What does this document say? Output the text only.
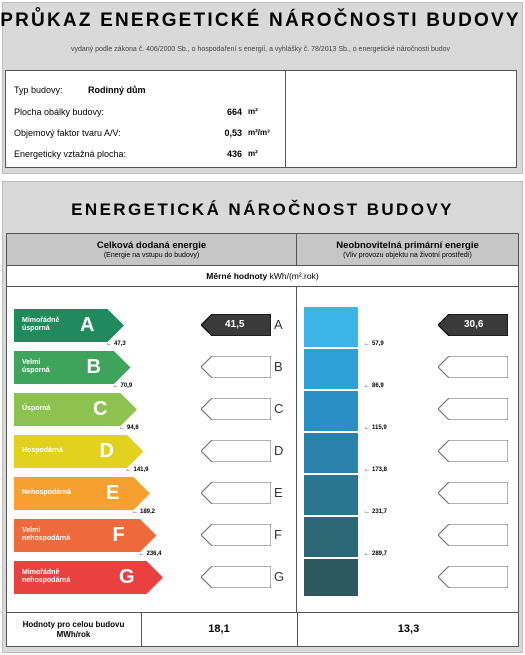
PRŮKAZ ENERGETICKÉ NÁROČNOSTI BUDOVY
vydaný podle zákona č. 406/2000 Sb., o hospodaření s energií, a vyhlášky č. 78/2013 Sb., o energetické náročnosti budov
Typ budovy:	Rodinný dům
Plocha obálky budovy:	664 m²
Objemový faktor tvaru A/V:	0,53 m²/m³
Energeticky vztažná plocha:	436 m²
ENERGETICKÁ NÁROČNOST BUDOVY
Celková dodaná energie
(Energie na vstupu do budovy)
Neobnovitelná primární energie
(Vliv provozu objektu na životní prostředí)
Měrné hodnoty kWh/(m².rok)
Mimořádně
úsporná	A
← 47,3
41,5 A
← 57,9
30,6
Velmi
úsporná B
← 70,9
B
← 86,9
Úsporná C
← 94,6
C
← 115,9
Hospodárná D
← 141,9
D
← 173,8
Nehospodárná E
← 189,2
E
← 231,7
Velmi
nehospodárná F
← 236,4
F
← 289,7
Mimořádně
nehospodárná G	G
Hodnoty pro celou budovu
MWh/rok	18,1	13,3
